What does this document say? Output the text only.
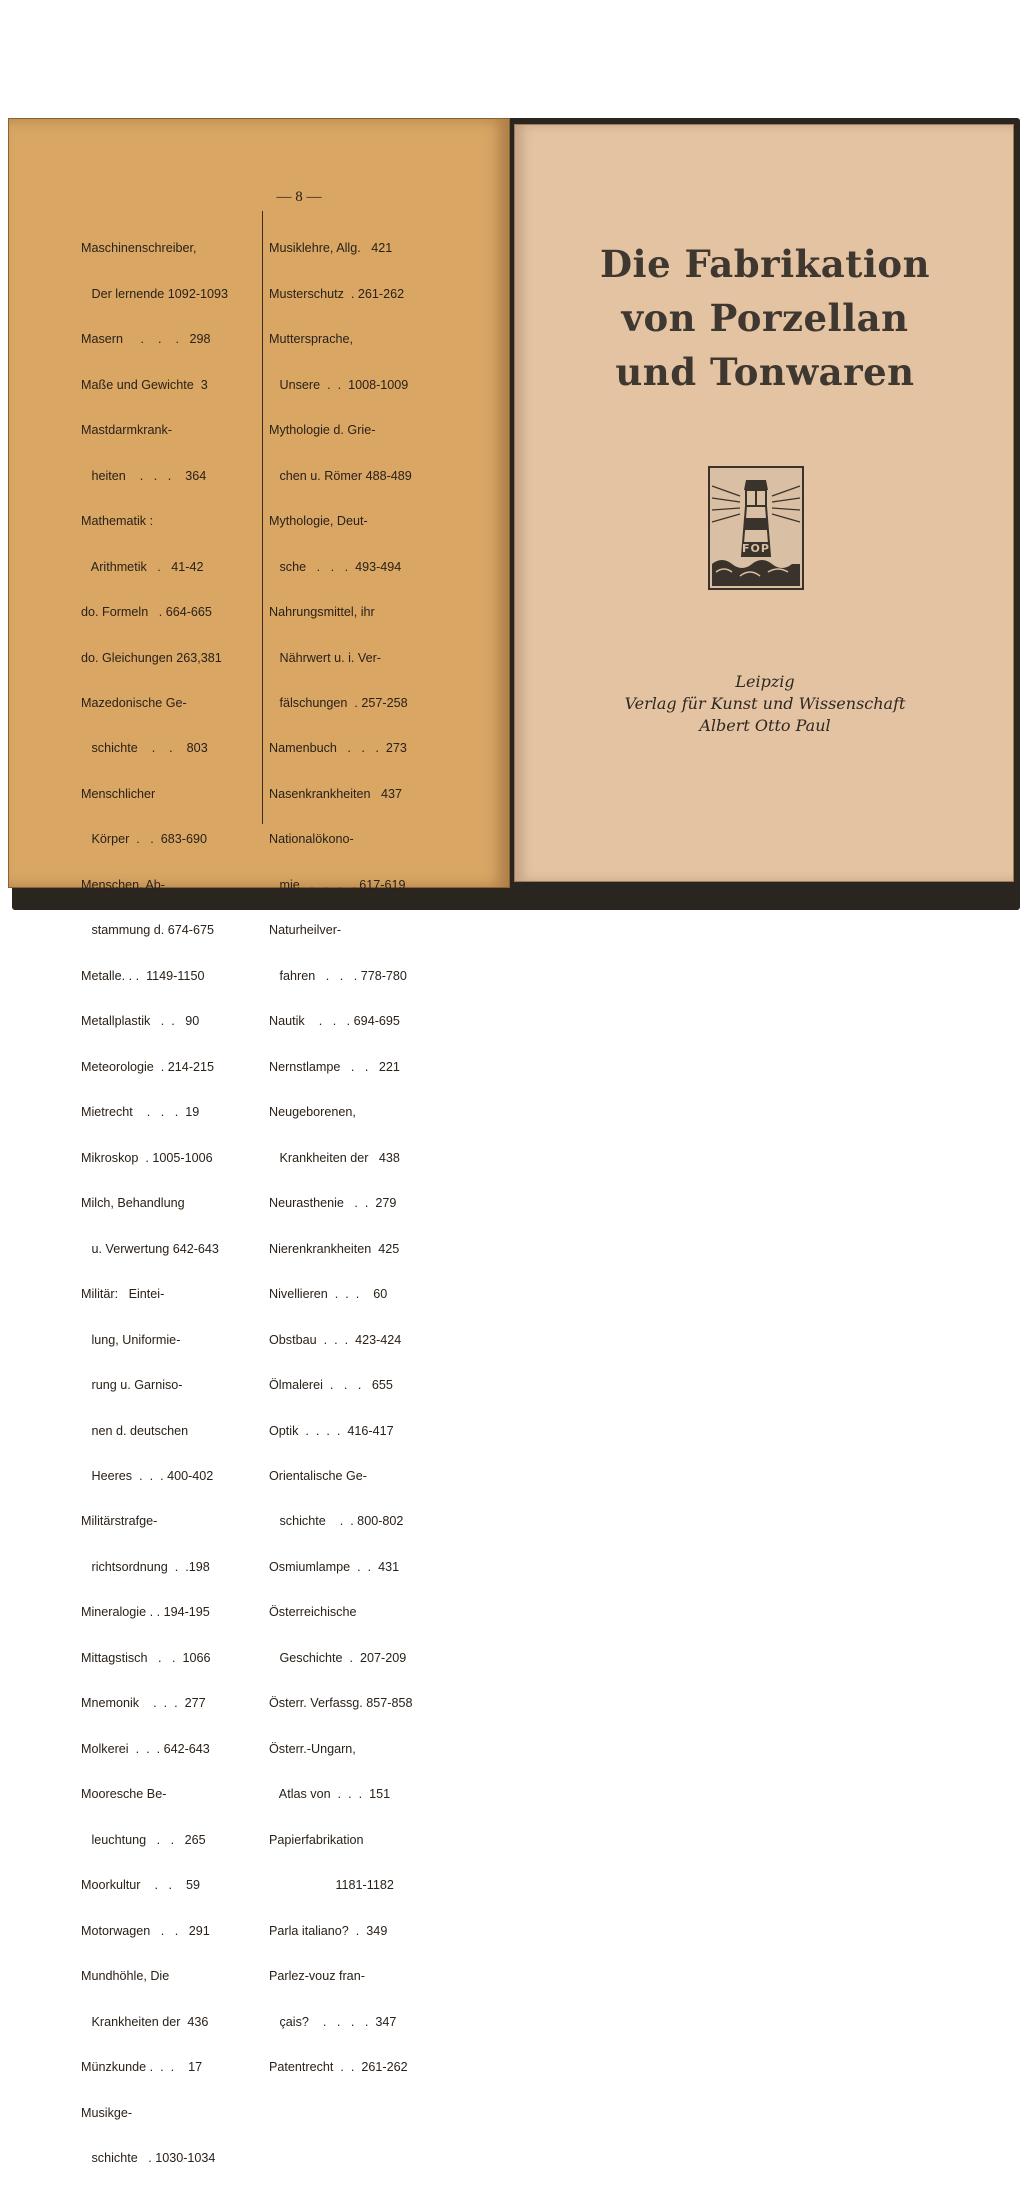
— 8 —

Maschinenschreiber,

Der lernende 1092-1093

Masern     .    .    .   298

Maße und Gewichte  3

Mastdarmkrank-

heiten    .   .   .    364

Mathematik :

Arithmetik   .   41-42

do. Formeln   . 664-665

do. Gleichungen 263,381

Mazedonische Ge-

schichte    .    .    803

Menschlicher

Körper  .   .  683-690

Menschen, Ab-

stammung d. 674-675

Metalle. . .  1149-1150

Metallplastik   .  .   90

Meteorologie  . 214-215

Mietrecht    .   .   .  19

Mikroskop  . 1005-1006

Milch, Behandlung

u. Verwertung 642-643

Militär:   Eintei-

lung, Uniformie-

rung u. Garniso-

nen d. deutschen

Heeres  .  .  . 400-402

Militärstrafge-

richtsordnung  .  .198

Mineralogie . . 194-195

Mittagstisch   .   .  1066

Mnemonik    .  .  .  277

Molkerei  .  .  . 642-643

Mooresche Be-

leuchtung   .   .   265

Moorkultur    .   .    59

Motorwagen   .   .   291

Mundhöhle, Die

Krankheiten der  436

Münzkunde .  .  .    17

Musikge-

schichte   . 1030-1034

Musiklehre, Allg.   421

Musterschutz  . 261-262

Muttersprache,

Unsere  .  .  1008-1009

Mythologie d. Grie-

chen u. Römer 488-489

Mythologie, Deut-

sche   .   .   .  493-494

Nahrungsmittel, ihr

Nährwert u. i. Ver-

fälschungen  . 257-258

Namenbuch   .   .   .  273

Nasenkrankheiten   437

Nationalökono-

mie   .   .   .   . 617-619

Naturheilver-

fahren   .   .   . 778-780

Nautik    .   .   . 694-695

Nernstlampe   .   .   221

Neugeborenen,

Krankheiten der   438

Neurasthenie   .  .  279

Nierenkrankheiten  425

Nivellieren  .  .  .    60

Obstbau  .  .  .  423-424

Ölmalerei  .   .   .   655

Optik  .  .  .  .  416-417

Orientalische Ge-

schichte    .  . 800-802

Osmiumlampe  .  .  431

Österreichische

Geschichte  .  207-209

Österr. Verfassg. 857-858

Österr.-Ungarn,

Atlas von  .  .  .  151

Papierfabrikation

1181-1182

Parla italiano?  .  349

Parlez-vouz fran-

çais?    .   .   .   .  347

Patentrecht  .  .  261-262

Die Fabrikation
von Porzellan
und Tonwaren
FOP
Leipzig
Verlag für Kunst und Wissenschaft
Albert Otto Paul
